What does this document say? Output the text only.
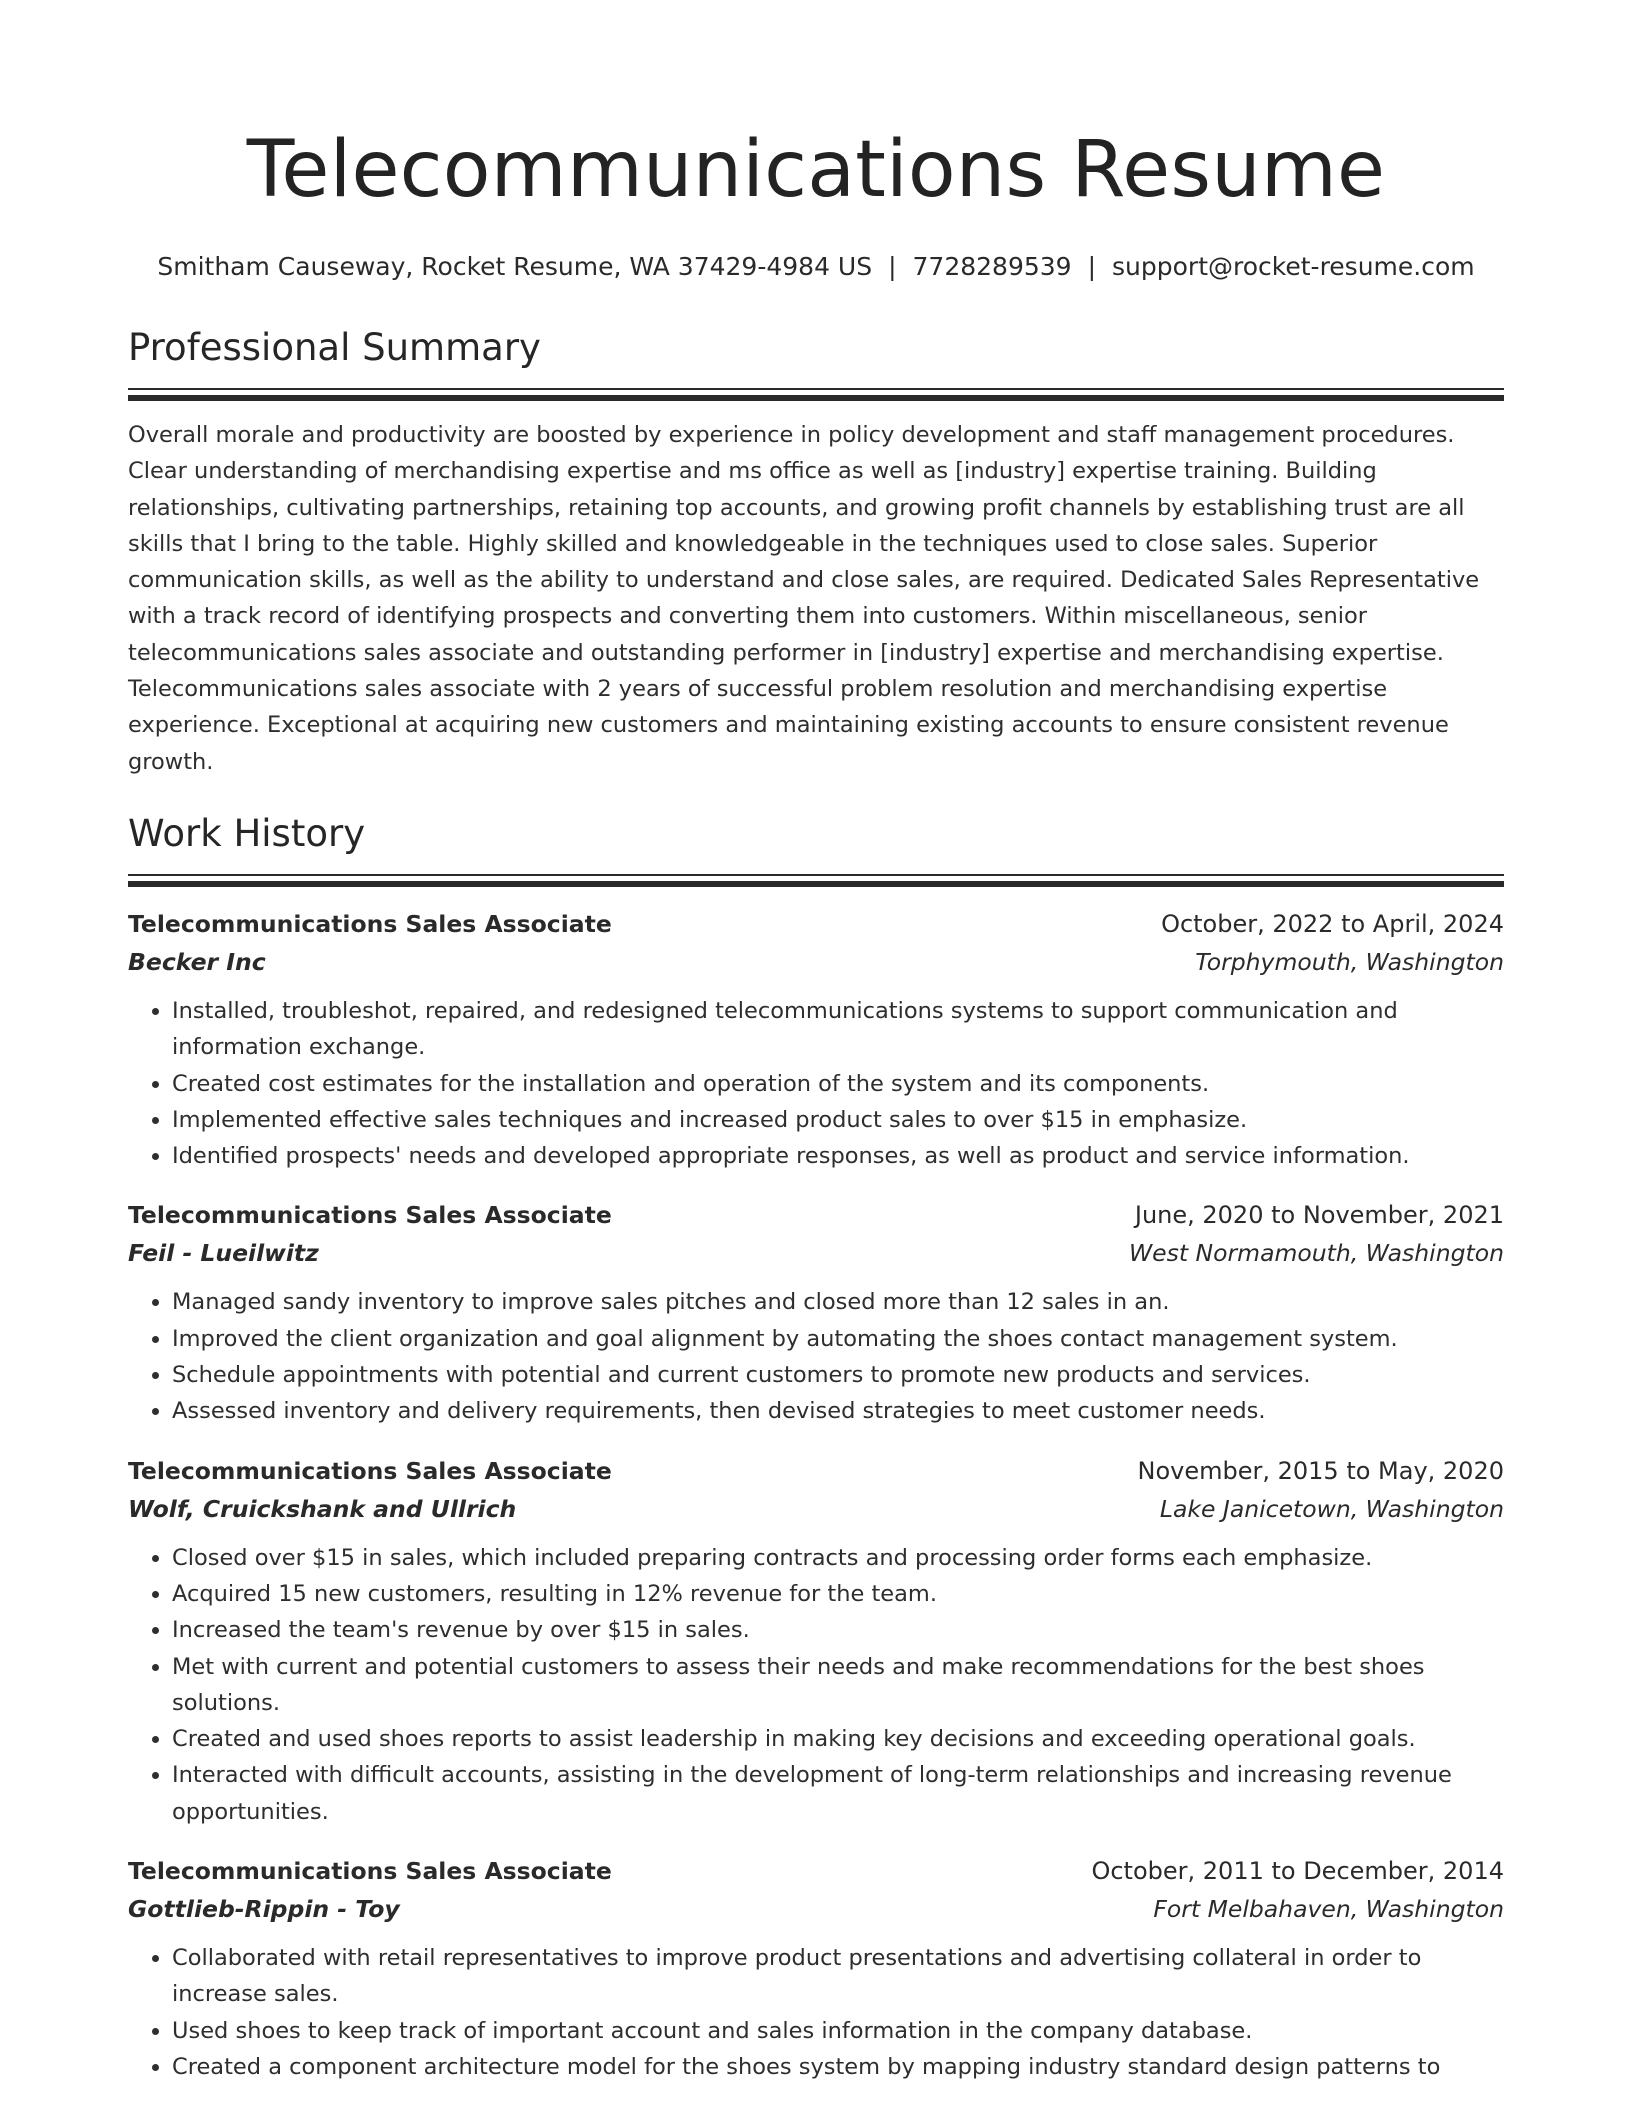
Telecommunications Resume
Smitham Causeway, Rocket Resume, WA 37429-4984 US | 7728289539 | support@rocket-resume.com
Professional Summary

Overall morale and productivity are boosted by experience in policy development and staff management procedures. Clear understanding of merchandising expertise and ms office as well as [industry] expertise training. Building relationships, cultivating partnerships, retaining top accounts, and growing profit channels by establishing trust are all skills that I bring to the table. Highly skilled and knowledgeable in the techniques used to close sales. Superior communication skills, as well as the ability to understand and close sales, are required. Dedicated Sales Representative with a track record of identifying prospects and converting them into customers. Within miscellaneous, senior telecommunications sales associate and outstanding performer in [industry] expertise and merchandising expertise. Telecommunications sales associate with 2 years of successful problem resolution and merchandising expertise experience. Exceptional at acquiring new customers and maintaining existing accounts to ensure consistent revenue growth.

Work History
Telecommunications Sales Associate	October, 2022 to April, 2024
Becker Inc	Torphymouth, Washington
• Installed, troubleshot, repaired, and redesigned telecommunications systems to support communication and information exchange.
• Created cost estimates for the installation and operation of the system and its components.
• Implemented effective sales techniques and increased product sales to over $15 in emphasize.
• Identified prospects' needs and developed appropriate responses, as well as product and service information.
Telecommunications Sales Associate	June, 2020 to November, 2021
Feil - Lueilwitz	West Normamouth, Washington
• Managed sandy inventory to improve sales pitches and closed more than 12 sales in an.
• Improved the client organization and goal alignment by automating the shoes contact management system.
• Schedule appointments with potential and current customers to promote new products and services.
• Assessed inventory and delivery requirements, then devised strategies to meet customer needs.
Telecommunications Sales Associate	November, 2015 to May, 2020
Wolf, Cruickshank and Ullrich	Lake Janicetown, Washington
• Closed over $15 in sales, which included preparing contracts and processing order forms each emphasize.
• Acquired 15 new customers, resulting in 12% revenue for the team.
• Increased the team's revenue by over $15 in sales.
• Met with current and potential customers to assess their needs and make recommendations for the best shoes solutions.
• Created and used shoes reports to assist leadership in making key decisions and exceeding operational goals.
• Interacted with difficult accounts, assisting in the development of long-term relationships and increasing revenue opportunities.
Telecommunications Sales Associate	October, 2011 to December, 2014
Gottlieb-Rippin - Toy	Fort Melbahaven, Washington
• Collaborated with retail representatives to improve product presentations and advertising collateral in order to increase sales.
• Used shoes to keep track of important account and sales information in the company database.
• Created a component architecture model for the shoes system by mapping industry standard design patterns to
